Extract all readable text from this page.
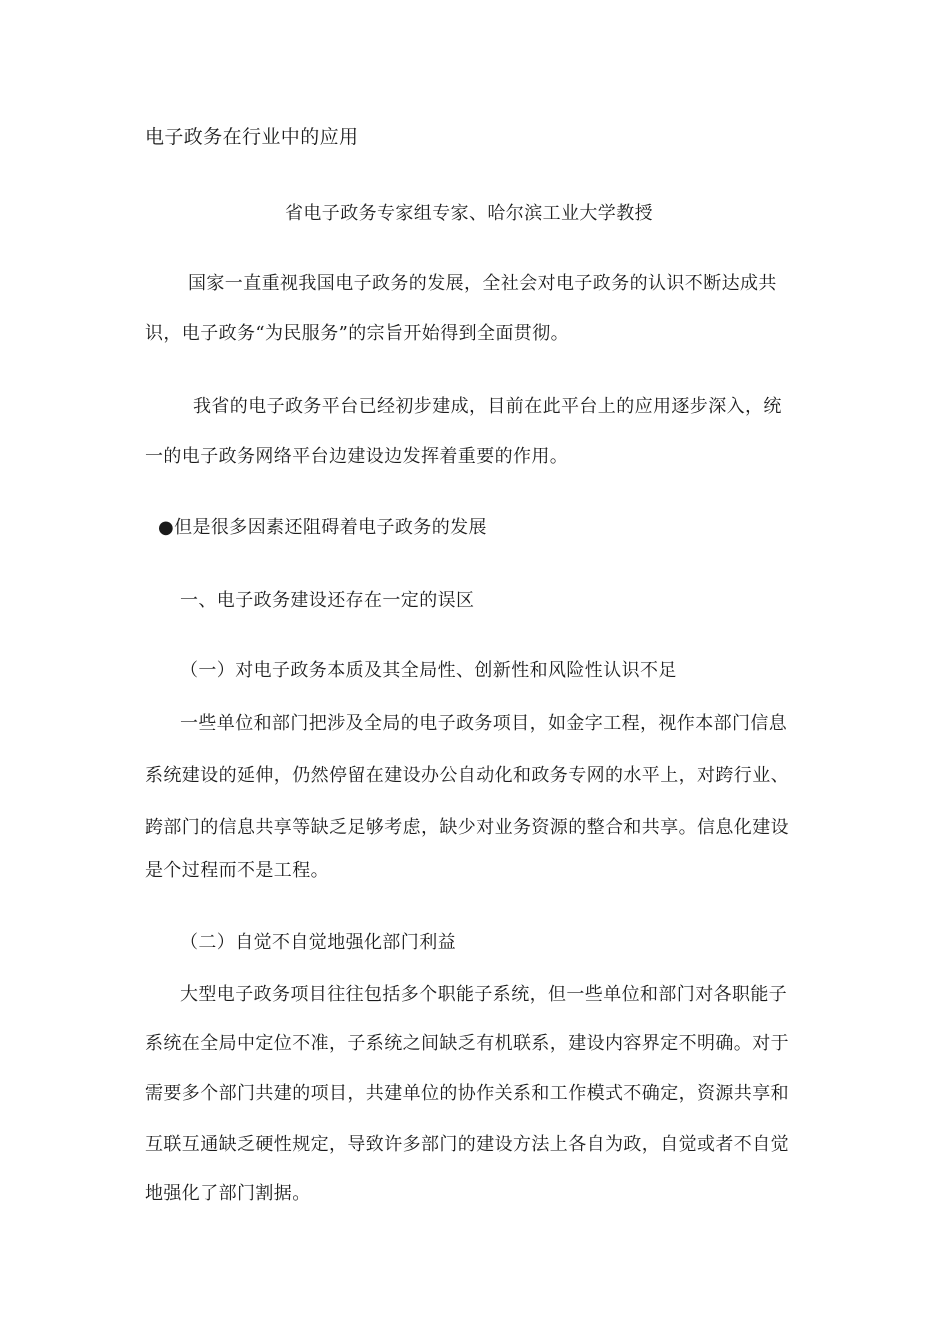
电子政务在行业中的应用
省电子政务专家组专家、哈尔滨工业大学教授
国家一直重视我国电子政务的发展，全社会对电子政务的认识不断达成共
识，电子政务“为民服务”的宗旨开始得到全面贯彻。
我省的电子政务平台已经初步建成，目前在此平台上的应用逐步深入，统
一的电子政务网络平台边建设边发挥着重要的作用。
●但是很多因素还阻碍着电子政务的发展
一、电子政务建设还存在一定的误区
（一）对电子政务本质及其全局性、创新性和风险性认识不足
一些单位和部门把涉及全局的电子政务项目，如金字工程，视作本部门信息
系统建设的延伸，仍然停留在建设办公自动化和政务专网的水平上，对跨行业、
跨部门的信息共享等缺乏足够考虑，缺少对业务资源的整合和共享。信息化建设
是个过程而不是工程。
（二）自觉不自觉地强化部门利益
大型电子政务项目往往包括多个职能子系统，但一些单位和部门对各职能子
系统在全局中定位不准，子系统之间缺乏有机联系，建设内容界定不明确。对于
需要多个部门共建的项目，共建单位的协作关系和工作模式不确定，资源共享和
互联互通缺乏硬性规定，导致许多部门的建设方法上各自为政，自觉或者不自觉
地强化了部门割据。
